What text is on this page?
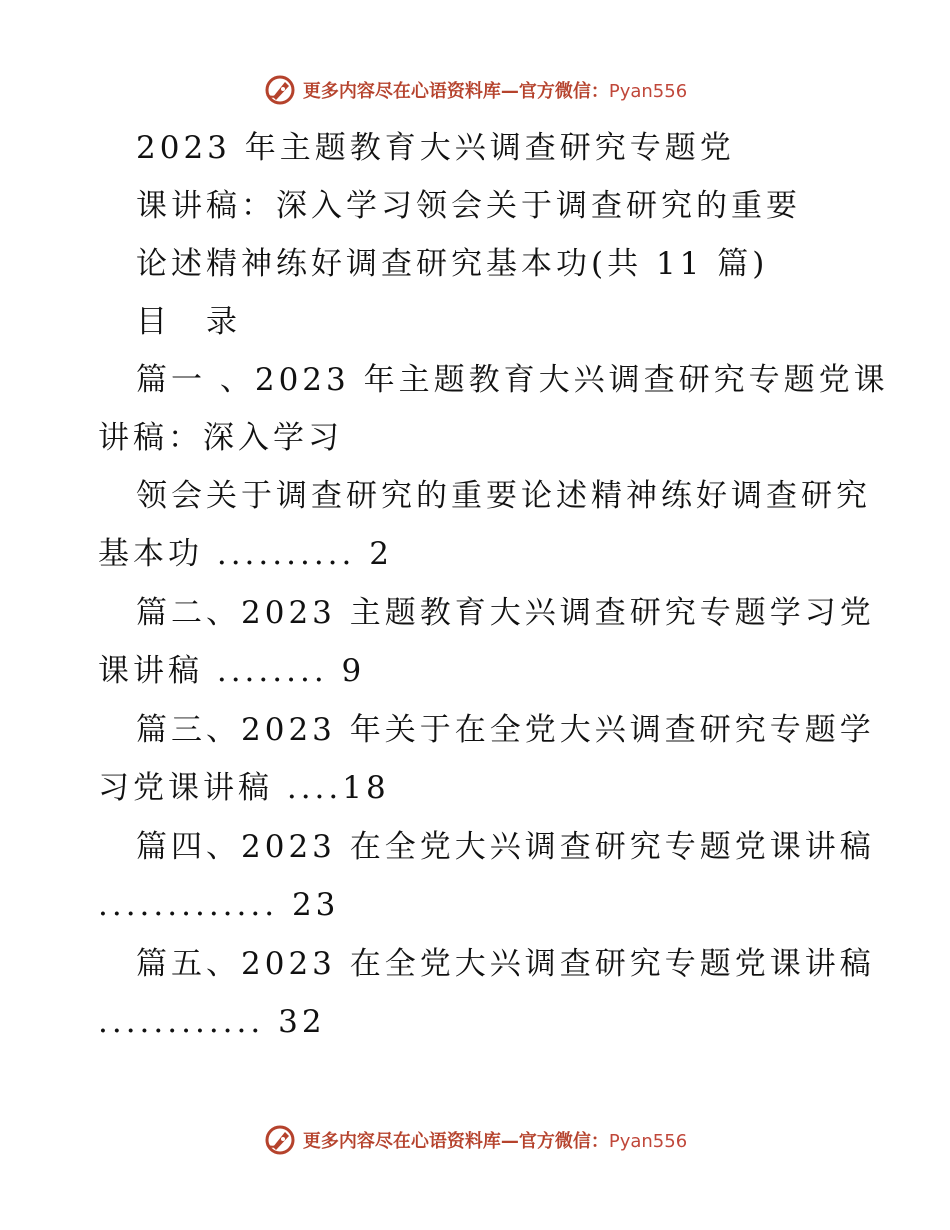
更多内容尽在心语资料库—官方微信：Pyan556
2023 年主题教育大兴调查研究专题党
课讲稿：深入学习领会关于调查研究的重要
论述精神练好调查研究基本功(共 11 篇)
目　录
篇一 、2023 年主题教育大兴调查研究专题党课
讲稿：深入学习
领会关于调查研究的重要论述精神练好调查研究
基本功 .......... 2
篇二、2023 主题教育大兴调查研究专题学习党
课讲稿 ........ 9
篇三、2023 年关于在全党大兴调查研究专题学
习党课讲稿 ....18
篇四、2023 在全党大兴调查研究专题党课讲稿
............. 23
篇五、2023 在全党大兴调查研究专题党课讲稿
............ 32
更多内容尽在心语资料库—官方微信：Pyan556
